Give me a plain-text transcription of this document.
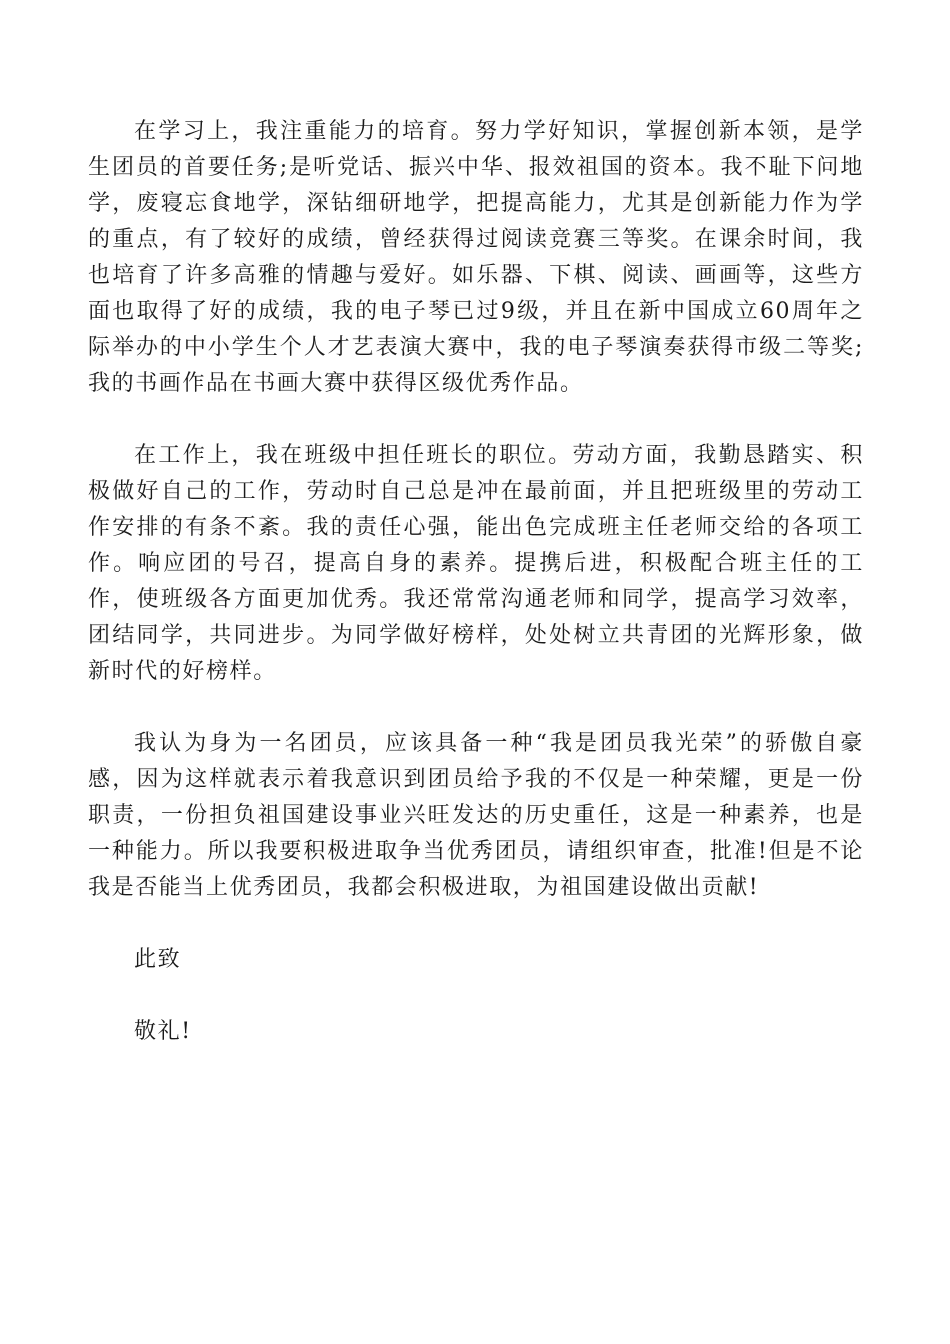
在学习上，我注重能力的培育。努力学好知识，掌握创新本领，是学生团员的首要任务;是听党话、振兴中华、报效祖国的资本。我不耻下问地学，废寝忘食地学，深钻细研地学，把提高能力，尤其是创新能力作为学的重点，有了较好的成绩，曾经获得过阅读竞赛三等奖。在课余时间，我也培育了许多高雅的情趣与爱好。如乐器、下棋、阅读、画画等，这些方面也取得了好的成绩，我的电子琴已过9级，并且在新中国成立60周年之际举办的中小学生个人才艺表演大赛中，我的电子琴演奏获得市级二等奖;我的书画作品在书画大赛中获得区级优秀作品。

在工作上，我在班级中担任班长的职位。劳动方面，我勤恳踏实、积极做好自己的工作，劳动时自己总是冲在最前面，并且把班级里的劳动工作安排的有条不紊。我的责任心强，能出色完成班主任老师交给的各项工作。响应团的号召，提高自身的素养。提携后进，积极配合班主任的工作，使班级各方面更加优秀。我还常常沟通老师和同学，提高学习效率，团结同学，共同进步。为同学做好榜样，处处树立共青团的光辉形象，做新时代的好榜样。

我认为身为一名团员，应该具备一种“我是团员我光荣”的骄傲自豪感，因为这样就表示着我意识到团员给予我的不仅是一种荣耀，更是一份职责，一份担负祖国建设事业兴旺发达的历史重任，这是一种素养，也是一种能力。所以我要积极进取争当优秀团员，请组织审查，批准!但是不论我是否能当上优秀团员，我都会积极进取，为祖国建设做出贡献!

此致

敬礼!
